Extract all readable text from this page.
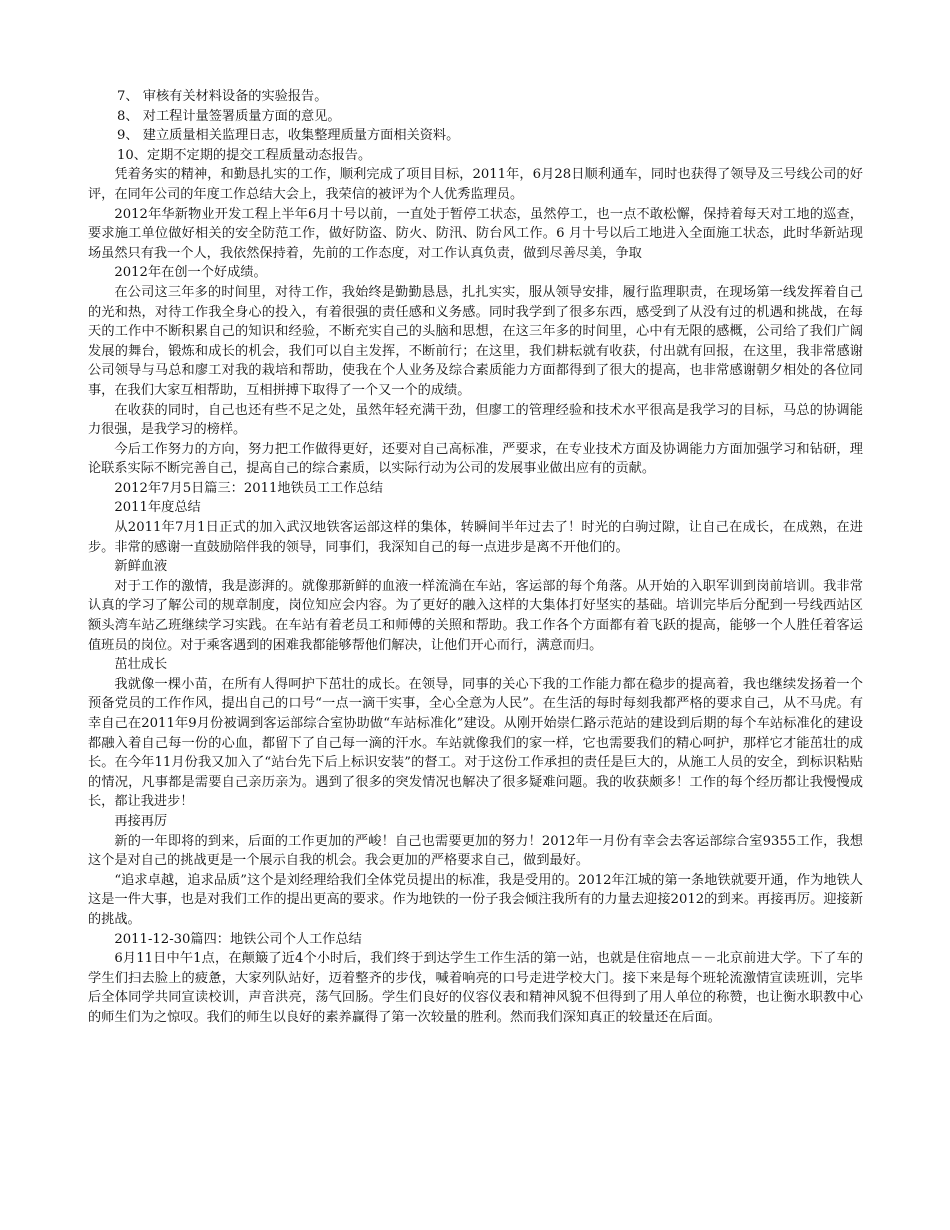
7、 审核有关材料设备的实验报告。
8、 对工程计量签署质量方面的意见。
9、 建立质量相关监理日志，收集整理质量方面相关资料。
10、定期不定期的提交工程质量动态报告。

凭着务实的精神，和勤恳扎实的工作，顺利完成了项目目标，2011年，6月28日顺利通车，同时也获得了领导及三号线公司的好评，在同年公司的年度工作总结大会上，我荣信的被评为个人优秀监理员。

2012年华新物业开发工程上半年6月十号以前，一直处于暂停工状态，虽然停工，也一点不敢松懈，保持着每天对工地的巡查，要求施工单位做好相关的安全防范工作，做好防盗、防火、防汛、防台风工作。6 月十号以后工地进入全面施工状态，此时华新站现场虽然只有我一个人，我依然保持着，先前的工作态度，对工作认真负责，做到尽善尽美，争取

2012年在创一个好成绩。

在公司这三年多的时间里，对待工作，我始终是勤勤恳恳，扎扎实实，服从领导安排，履行监理职责，在现场第一线发挥着自己的光和热，对待工作我全身心的投入，有着很强的责任感和义务感。同时我学到了很多东西，感受到了从没有过的机遇和挑战，在每天的工作中不断积累自己的知识和经验，不断充实自己的头脑和思想，在这三年多的时间里，心中有无限的感概，公司给了我们广阔发展的舞台，锻炼和成长的机会，我们可以自主发挥，不断前行；在这里，我们耕耘就有收获，付出就有回报，在这里，我非常感谢公司领导与马总和廖工对我的栽培和帮助，使我在个人业务及综合素质能力方面都得到了很大的提高，也非常感谢朝夕相处的各位同事，在我们大家互相帮助，互相拼搏下取得了一个又一个的成绩。

在收获的同时，自己也还有些不足之处，虽然年轻充满干劲，但廖工的管理经验和技术水平很高是我学习的目标，马总的协调能力很强，是我学习的榜样。

今后工作努力的方向，努力把工作做得更好，还要对自己高标准，严要求，在专业技术方面及协调能力方面加强学习和钻研，理论联系实际不断完善自己，提高自己的综合素质，以实际行动为公司的发展事业做出应有的贡献。

2012年7月5日篇三：2011地铁员工工作总结

2011年度总结

从2011年7月1日正式的加入武汉地铁客运部这样的集体，转瞬间半年过去了！时光的白驹过隙，让自己在成长，在成熟，在进步。非常的感谢一直鼓励陪伴我的领导，同事们，我深知自己的每一点进步是离不开他们的。

新鲜血液

对于工作的激情，我是澎湃的。就像那新鲜的血液一样流淌在车站，客运部的每个角落。从开始的入职军训到岗前培训。我非常认真的学习了解公司的规章制度，岗位知应会内容。为了更好的融入这样的大集体打好坚实的基础。培训完毕后分配到一号线西站区额头湾车站乙班继续学习实践。在车站有着老员工和师傅的关照和帮助。我工作各个方面都有着飞跃的提高，能够一个人胜任着客运值班员的岗位。对于乘客遇到的困难我都能够帮他们解决，让他们开心而行，满意而归。

茁壮成长

我就像一棵小苗，在所有人得呵护下茁壮的成长。在领导，同事的关心下我的工作能力都在稳步的提高着，我也继续发扬着一个预备党员的工作作风，提出自己的口号“一点一滴干实事，全心全意为人民”。在生活的每时每刻我都严格的要求自己，从不马虎。有幸自己在2011年9月份被调到客运部综合室协助做“车站标准化”建设。从刚开始崇仁路示范站的建设到后期的每个车站标准化的建设都融入着自己每一份的心血，都留下了自己每一滴的汗水。车站就像我们的家一样，它也需要我们的精心呵护，那样它才能茁壮的成长。在今年11月份我又加入了“站台先下后上标识安装”的督工。对于这份工作承担的责任是巨大的，从施工人员的安全，到标识粘贴的情况，凡事都是需要自己亲历亲为。遇到了很多的突发情况也解决了很多疑难问题。我的收获颇多！工作的每个经历都让我慢慢成长，都让我进步！

再接再厉

新的一年即将的到来，后面的工作更加的严峻！自己也需要更加的努力！2012年一月份有幸会去客运部综合室9355工作，我想这个是对自己的挑战更是一个展示自我的机会。我会更加的严格要求自己，做到最好。

“追求卓越，追求品质”这个是刘经理给我们全体党员提出的标准，我是受用的。2012年江城的第一条地铁就要开通，作为地铁人这是一件大事，也是对我们工作的提出更高的要求。作为地铁的一份子我会倾注我所有的力量去迎接2012的到来。再接再厉。迎接新的挑战。

2011-12-30篇四：地铁公司个人工作总结

6月11日中午1点，在颠簸了近4个小时后，我们终于到达学生工作生活的第一站，也就是住宿地点－－北京前进大学。下了车的学生们扫去脸上的疲惫，大家列队站好，迈着整齐的步伐，喊着响亮的口号走进学校大门。接下来是每个班轮流激情宣读班训，完毕后全体同学共同宣读校训，声音洪亮，荡气回肠。学生们良好的仪容仪表和精神风貌不但得到了用人单位的称赞，也让衡水职教中心的师生们为之惊叹。我们的师生以良好的素养赢得了第一次较量的胜利。然而我们深知真正的较量还在后面。
